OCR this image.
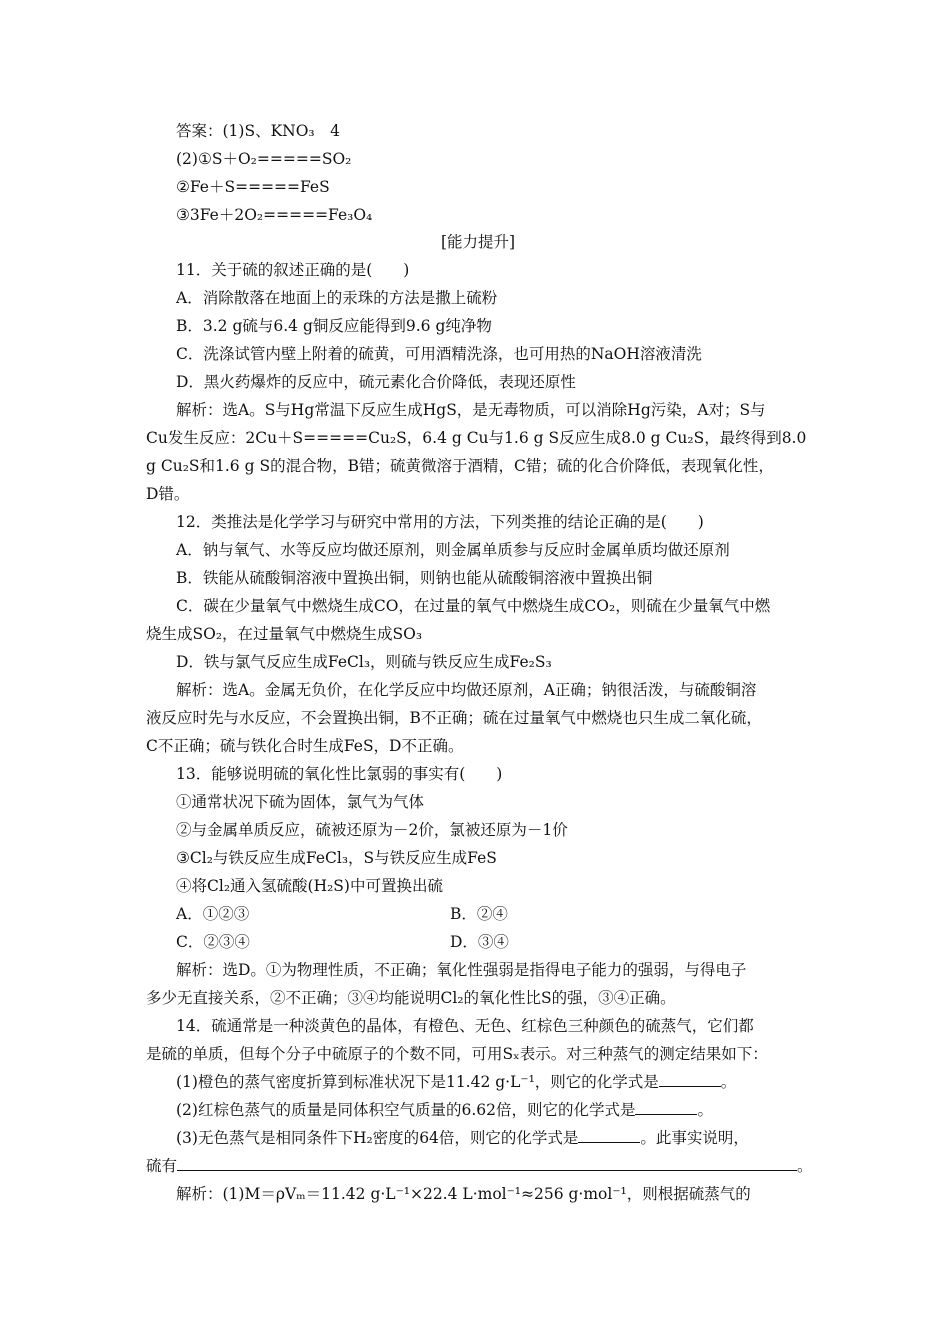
答案：(1)S、KNO₃　4
(2)①S＋O₂=====SO₂
②Fe＋S=====FeS
③3Fe＋2O₂=====Fe₃O₄
[能力提升]
11．关于硫的叙述正确的是(　　)
A．消除散落在地面上的汞珠的方法是撒上硫粉
B．3.2 g硫与6.4 g铜反应能得到9.6 g纯净物
C．洗涤试管内壁上附着的硫黄，可用酒精洗涤，也可用热的NaOH溶液清洗
D．黑火药爆炸的反应中，硫元素化合价降低，表现还原性
解析：选A。S与Hg常温下反应生成HgS，是无毒物质，可以消除Hg污染，A对；S与
Cu发生反应：2Cu＋S=====Cu₂S，6.4 g Cu与1.6 g S反应生成8.0 g Cu₂S，最终得到8.0
g Cu₂S和1.6 g S的混合物，B错；硫黄微溶于酒精，C错；硫的化合价降低，表现氧化性，
D错。
12．类推法是化学学习与研究中常用的方法，下列类推的结论正确的是(　　)
A．钠与氧气、水等反应均做还原剂，则金属单质参与反应时金属单质均做还原剂
B．铁能从硫酸铜溶液中置换出铜，则钠也能从硫酸铜溶液中置换出铜
C．碳在少量氧气中燃烧生成CO，在过量的氧气中燃烧生成CO₂，则硫在少量氧气中燃
烧生成SO₂，在过量氧气中燃烧生成SO₃
D．铁与氯气反应生成FeCl₃，则硫与铁反应生成Fe₂S₃
解析：选A。金属无负价，在化学反应中均做还原剂，A正确；钠很活泼，与硫酸铜溶
液反应时先与水反应，不会置换出铜，B不正确；硫在过量氧气中燃烧也只生成二氧化硫，
C不正确；硫与铁化合时生成FeS，D不正确。
13．能够说明硫的氧化性比氯弱的事实有(　　)
①通常状况下硫为固体，氯气为气体
②与金属单质反应，硫被还原为－2价，氯被还原为－1价
③Cl₂与铁反应生成FeCl₃，S与铁反应生成FeS
④将Cl₂通入氢硫酸(H₂S)中可置换出硫
A．①②③	B．②④
C．②③④	D．③④
解析：选D。①为物理性质，不正确；氧化性强弱是指得电子能力的强弱，与得电子
多少无直接关系，②不正确；③④均能说明Cl₂的氧化性比S的强，③④正确。
14．硫通常是一种淡黄色的晶体，有橙色、无色、红棕色三种颜色的硫蒸气，它们都
是硫的单质，但每个分子中硫原子的个数不同，可用Sₓ表示。对三种蒸气的测定结果如下：
(1)橙色的蒸气密度折算到标准状况下是11.42 g·L⁻¹，则它的化学式是	。
(2)红棕色蒸气的质量是同体积空气质量的6.62倍，则它的化学式是	。
(3)无色蒸气是相同条件下H₂密度的64倍，则它的化学式是	。此事实说明，
硫有	。
解析：(1)M＝ρVₘ＝11.42 g·L⁻¹×22.4 L·mol⁻¹≈256 g·mol⁻¹，则根据硫蒸气的
